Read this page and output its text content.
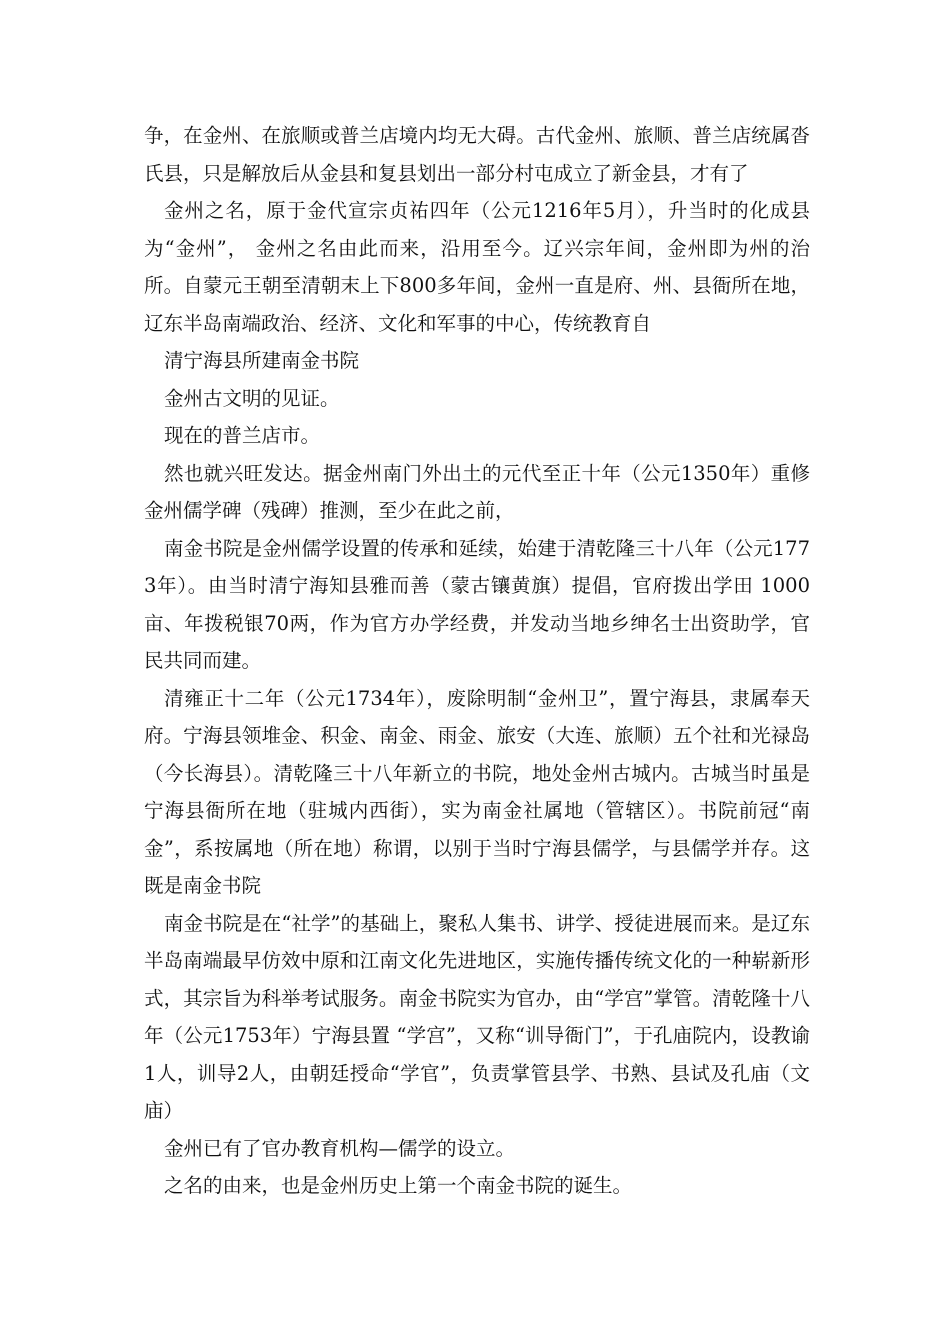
争，在金州、在旅顺或普兰店境内均无大碍。古代金州、旅顺、普兰店统属沓氏县，只是解放后从金县和复县划出一部分村屯成立了新金县，才有了

金州之名，原于金代宣宗贞祐四年（公元1216年5月），升当时的化成县为“金州”， 金州之名由此而来，沿用至今。辽兴宗年间，金州即为州的治所。自蒙元王朝至清朝末上下800多年间，金州一直是府、州、县衙所在地，辽东半岛南端政治、经济、文化和军事的中心，传统教育自

清宁海县所建南金书院

金州古文明的见证。

现在的普兰店市。

然也就兴旺发达。据金州南门外出土的元代至正十年（公元1350年）重修金州儒学碑（残碑）推测，至少在此之前，

南金书院是金州儒学设置的传承和延续，始建于清乾隆三十八年（公元1773年）。由当时清宁海知县雅而善（蒙古镶黄旗）提倡，官府拨出学田 1000亩、年拨税银70两，作为官方办学经费，并发动当地乡绅名士出资助学，官民共同而建。

清雍正十二年（公元1734年），废除明制“金州卫”，置宁海县，隶属奉天府。宁海县领堆金、积金、南金、雨金、旅安（大连、旅顺）五个社和光禄岛（今长海县）。清乾隆三十八年新立的书院，地处金州古城内。古城当时虽是宁海县衙所在地（驻城内西街），实为南金社属地（管辖区）。书院前冠“南金”，系按属地（所在地）称谓，以别于当时宁海县儒学，与县儒学并存。这既是南金书院

南金书院是在“社学”的基础上，聚私人集书、讲学、授徒进展而来。是辽东半岛南端最早仿效中原和江南文化先进地区，实施传播传统文化的一种崭新形式，其宗旨为科举考试服务。南金书院实为官办，由“学宫”掌管。清乾隆十八年（公元1753年）宁海县置 “学宫”，又称“训导衙门”，于孔庙院内，设教谕1人，训导2人，由朝廷授命“学官”，负责掌管县学、书熟、县试及孔庙（文庙）

金州已有了官办教育机构—儒学的设立。

之名的由来，也是金州历史上第一个南金书院的诞生。
